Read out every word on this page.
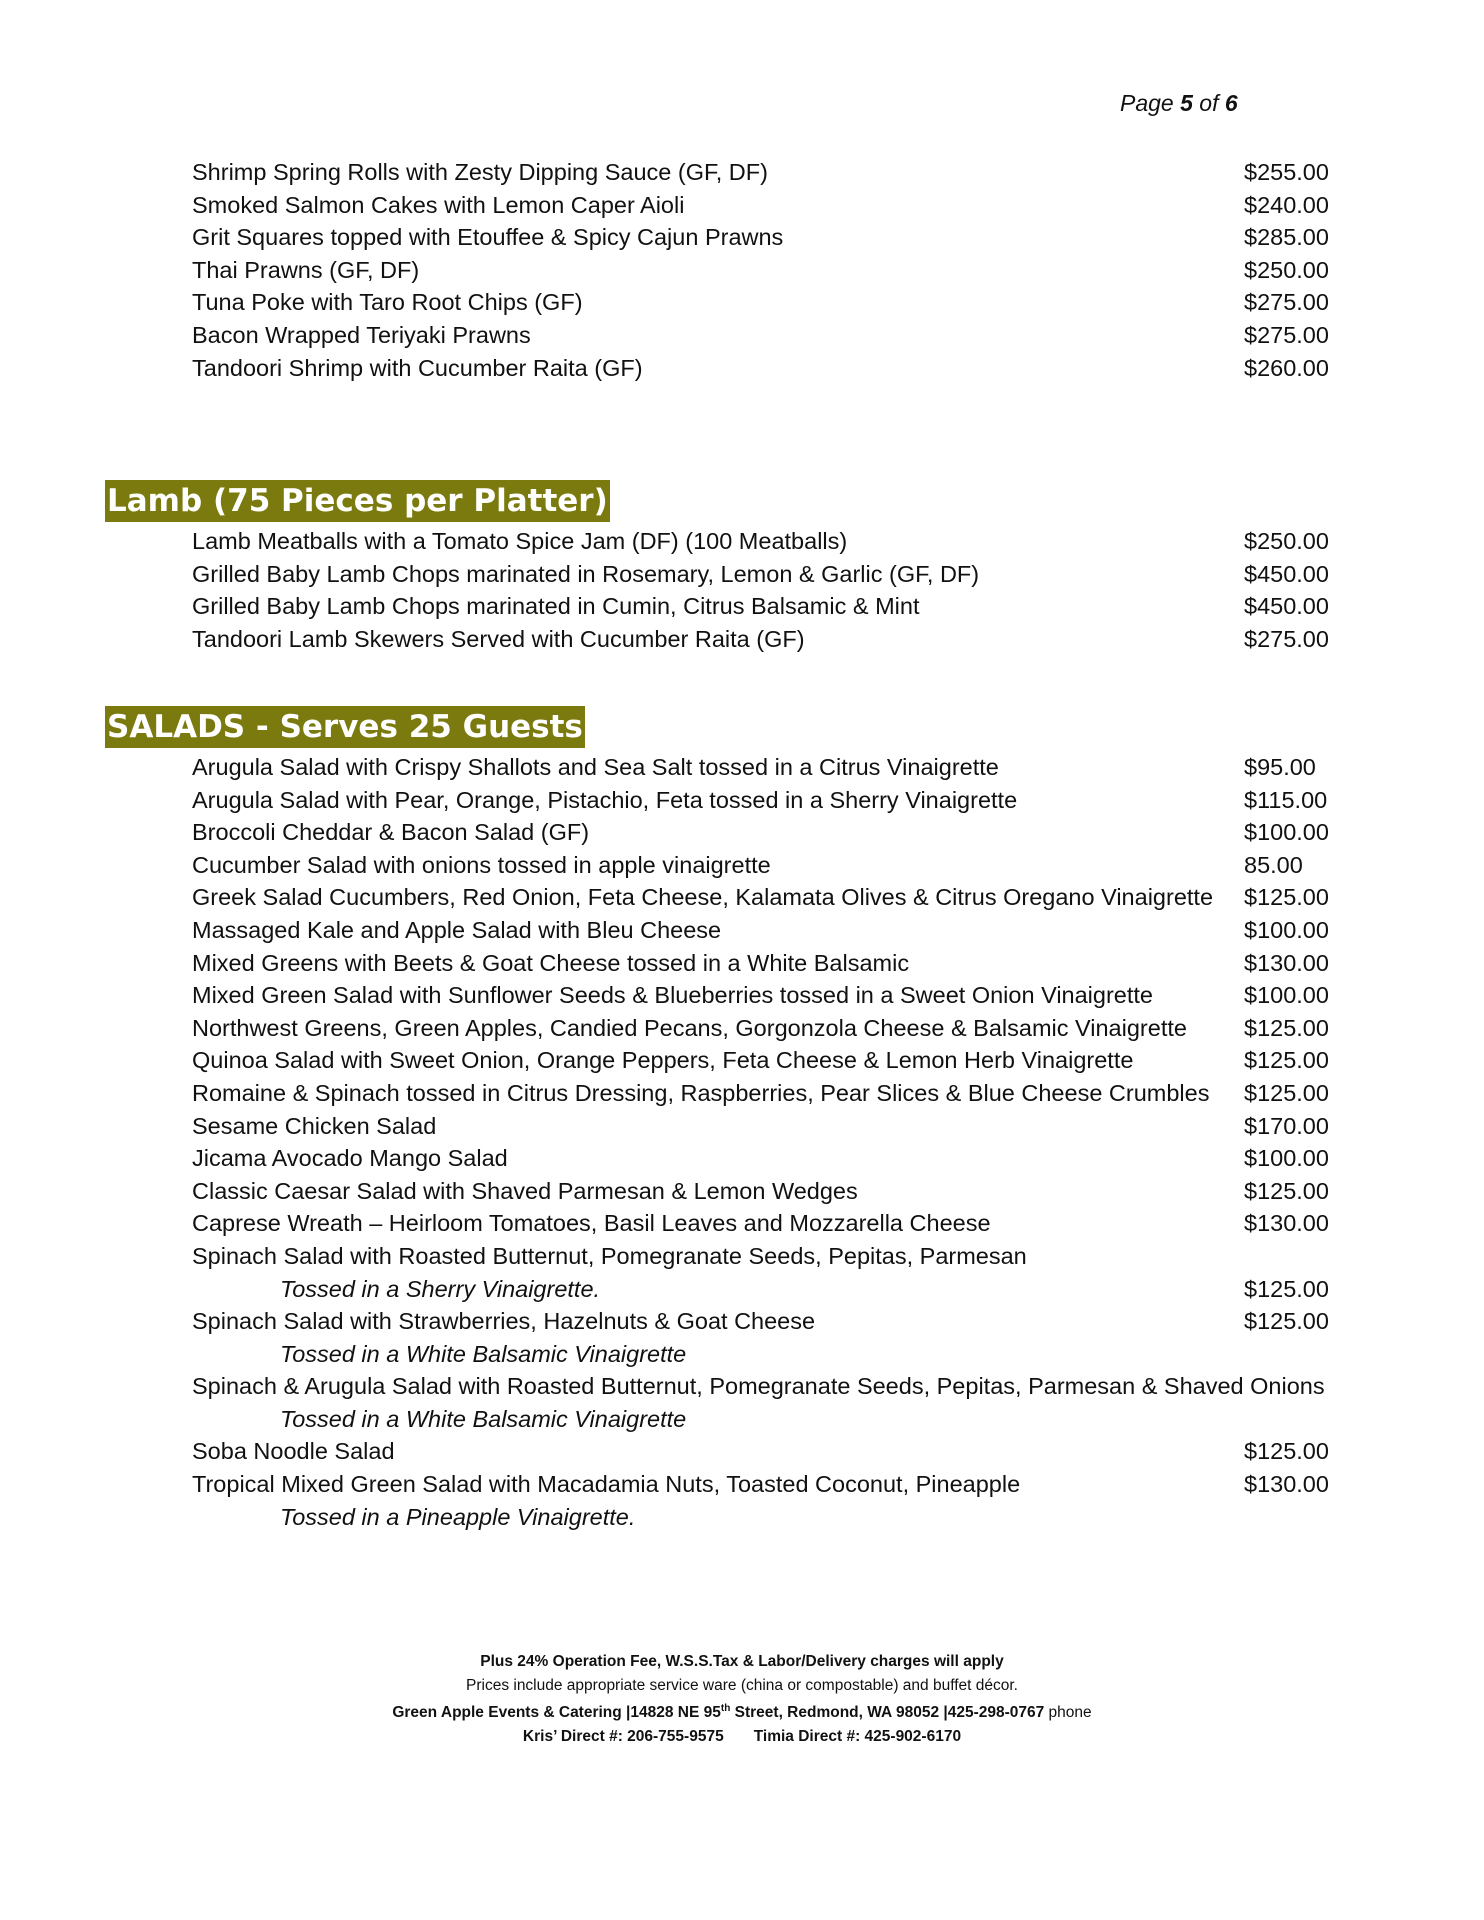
Page 5 of 6
Shrimp Spring Rolls with Zesty Dipping Sauce (GF, DF)	$255.00
Smoked Salmon Cakes with Lemon Caper Aioli	$240.00
Grit Squares topped with Etouffee & Spicy Cajun Prawns	$285.00
Thai Prawns (GF, DF)	$250.00
Tuna Poke with Taro Root Chips (GF)	$275.00
Bacon Wrapped Teriyaki Prawns	$275.00
Tandoori Shrimp with Cucumber Raita (GF)	$260.00
Lamb (75 Pieces per Platter)
Lamb Meatballs with a Tomato Spice Jam (DF) (100 Meatballs)	$250.00
Grilled Baby Lamb Chops marinated in Rosemary, Lemon & Garlic (GF, DF)	$450.00
Grilled Baby Lamb Chops marinated in Cumin, Citrus Balsamic & Mint	$450.00
Tandoori Lamb Skewers Served with Cucumber Raita (GF)	$275.00
SALADS - Serves 25 Guests
Arugula Salad with Crispy Shallots and Sea Salt tossed in a Citrus Vinaigrette	$95.00
Arugula Salad with Pear, Orange, Pistachio, Feta tossed in a Sherry Vinaigrette	$115.00
Broccoli Cheddar & Bacon Salad (GF)	$100.00
Cucumber Salad with onions tossed in apple vinaigrette	85.00
Greek Salad Cucumbers, Red Onion, Feta Cheese, Kalamata Olives & Citrus Oregano Vinaigrette $125.00
Massaged Kale and Apple Salad with Bleu Cheese	$100.00
Mixed Greens with Beets & Goat Cheese tossed in a White Balsamic	$130.00
Mixed Green Salad with Sunflower Seeds & Blueberries tossed in a Sweet Onion Vinaigrette	$100.00
Northwest Greens, Green Apples, Candied Pecans, Gorgonzola Cheese & Balsamic Vinaigrette $125.00
Quinoa Salad with Sweet Onion, Orange Peppers, Feta Cheese & Lemon Herb Vinaigrette	$125.00
Romaine & Spinach tossed in Citrus Dressing, Raspberries, Pear Slices & Blue Cheese Crumbles $125.00
Sesame Chicken Salad	$170.00
Jicama Avocado Mango Salad	$100.00
Classic Caesar Salad with Shaved Parmesan & Lemon Wedges	$125.00
Caprese Wreath – Heirloom Tomatoes, Basil Leaves and Mozzarella Cheese	$130.00
Spinach Salad with Roasted Butternut, Pomegranate Seeds, Pepitas, Parmesan
Tossed in a Sherry Vinaigrette.	$125.00
Spinach Salad with Strawberries, Hazelnuts & Goat Cheese	$125.00
Tossed in a White Balsamic Vinaigrette
Spinach & Arugula Salad with Roasted Butternut, Pomegranate Seeds, Pepitas, Parmesan & Shaved Onions
Tossed in a White Balsamic Vinaigrette
Soba Noodle Salad	$125.00
Tropical Mixed Green Salad with Macadamia Nuts, Toasted Coconut, Pineapple	$130.00
Tossed in a Pineapple Vinaigrette.
Plus 24% Operation Fee, W.S.S.Tax & Labor/Delivery charges will apply
Prices include appropriate service ware (china or compostable) and buffet décor.
Green Apple Events & Catering |14828 NE 95th Street, Redmond, WA 98052 |425-298-0767 phone
Kris’ Direct #: 206-755-9575 Timia Direct #: 425-902-6170
